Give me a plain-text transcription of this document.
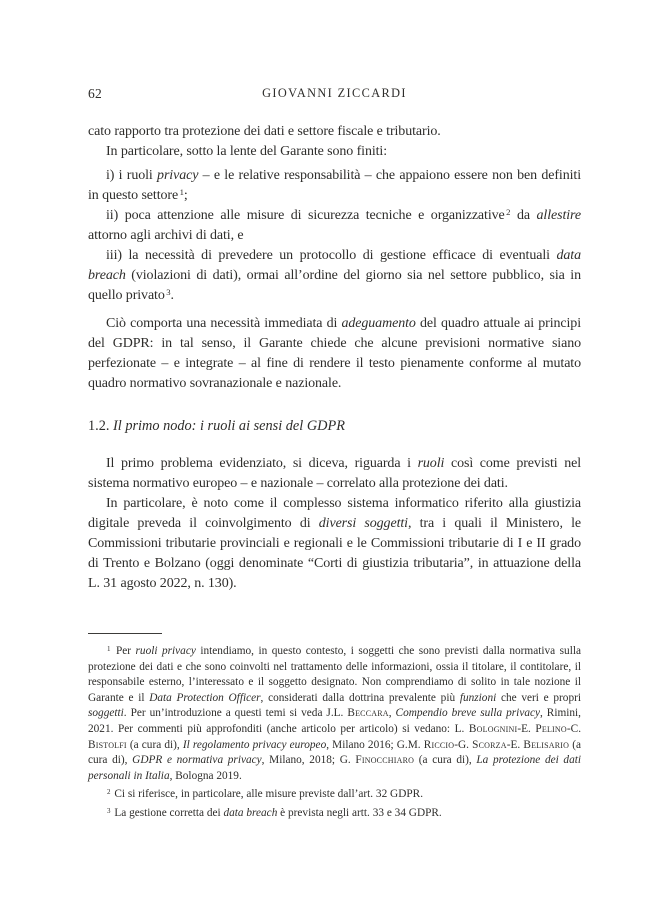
62	GIOVANNI ZICCARDI

cato rapporto tra protezione dei dati e settore fiscale e tributario.

In particolare, sotto la lente del Garante sono finiti:

i) i ruoli privacy – e le relative responsabilità – che appaiono essere non ben definiti in questo settore $^1$;

ii) poca attenzione alle misure di sicurezza tecniche e organizzative $^2$ da allestire attorno agli archivi di dati, e

iii) la necessità di prevedere un protocollo di gestione efficace di eventuali data breach (violazioni di dati), ormai all’ordine del giorno sia nel settore pubblico, sia in quello privato $^3$.

Ciò comporta una necessità immediata di adeguamento del quadro attuale ai principi del GDPR: in tal senso, il Garante chiede che alcune previsioni normative siano perfezionate – e integrate – al fine di rendere il testo pienamente conforme al mutato quadro normativo sovranazionale e nazionale.

1.2. Il primo nodo: i ruoli ai sensi del GDPR

Il primo problema evidenziato, si diceva, riguarda i ruoli così come previsti nel sistema normativo europeo – e nazionale – correlato alla protezione dei dati.

In particolare, è noto come il complesso sistema informatico riferito alla giustizia digitale preveda il coinvolgimento di diversi soggetti, tra i quali il Ministero, le Commissioni tributarie provinciali e regionali e le Commissioni tributarie di I e II grado di Trento e Bolzano (oggi denominate “Corti di giustizia tributaria”, in attuazione della L. 31 agosto 2022, n. 130).

$^1$ Per ruoli privacy intendiamo, in questo contesto, i soggetti che sono previsti dalla normativa sulla protezione dei dati e che sono coinvolti nel trattamento delle informazioni, ossia il titolare, il contitolare, il responsabile esterno, l’interessato e il soggetto designato. Non comprendiamo di solito in tale nozione il Garante e il Data Protection Officer, considerati dalla dottrina prevalente più funzioni che veri e propri soggetti. Per un’introduzione a questi temi si veda J.L. Beccara, Compendio breve sulla privacy, Rimini, 2021. Per commenti più approfonditi (anche articolo per articolo) si vedano: L. Bolognini-E. Pelino-C. Bistolfi (a cura di), Il regolamento privacy europeo, Milano 2016; G.M. Riccio-G. Scorza-E. Belisario (a cura di), GDPR e normativa privacy, Milano, 2018; G. Finocchiaro (a cura di), La protezione dei dati personali in Italia, Bologna 2019.

$^2$ Ci si riferisce, in particolare, alle misure previste dall’art. 32 GDPR.

$^3$ La gestione corretta dei data breach è prevista negli artt. 33 e 34 GDPR.
